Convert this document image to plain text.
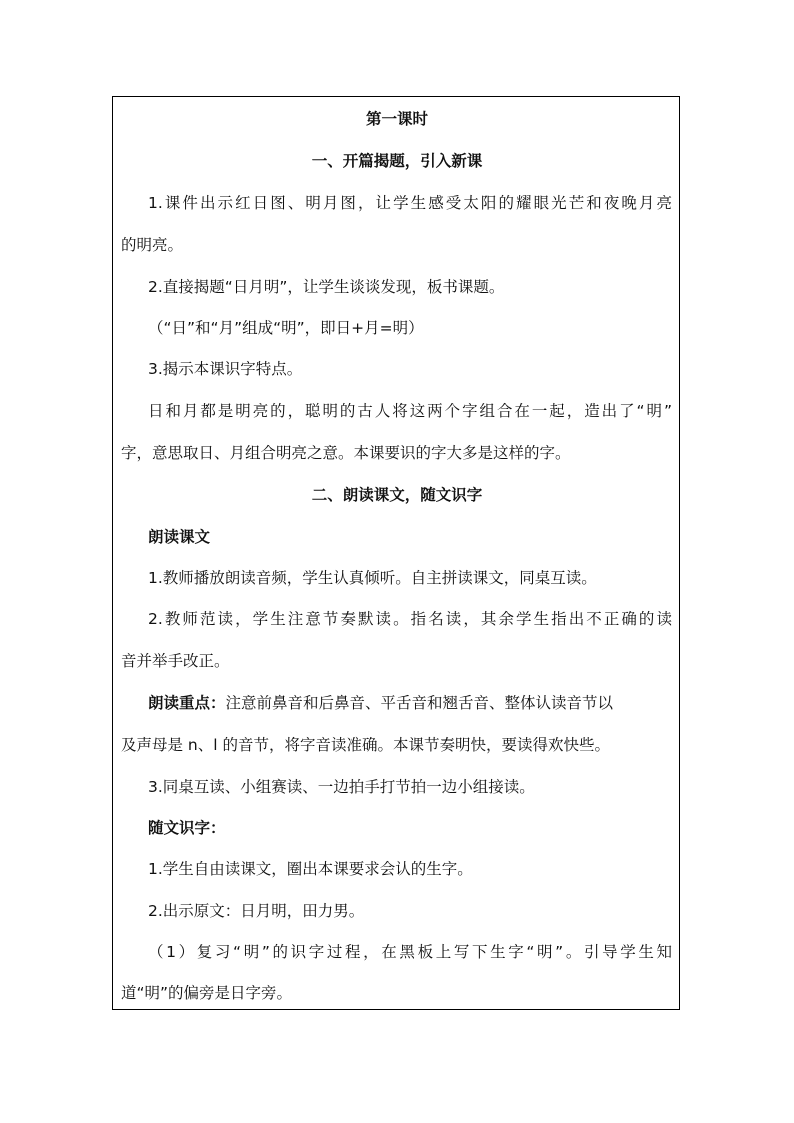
第一课时
一、开篇揭题，引入新课
1.课件出示红日图、明月图，让学生感受太阳的耀眼光芒和夜晚月亮
的明亮。
2.直接揭题“日月明”，让学生谈谈发现，板书课题。
（“日”和“月”组成“明”，即日+月=明）
3.揭示本课识字特点。
日和月都是明亮的，聪明的古人将这两个字组合在一起，造出了“明”
字，意思取日、月组合明亮之意。本课要识的字大多是这样的字。
二、朗读课文，随文识字
朗读课文
1.教师播放朗读音频，学生认真倾听。自主拼读课文，同桌互读。
2.教师范读，学生注意节奏默读。指名读，其余学生指出不正确的读
音并举手改正。
朗读重点：注意前鼻音和后鼻音、平舌音和翘舌音、整体认读音节以
及声母是 n、l 的音节，将字音读准确。本课节奏明快，要读得欢快些。
3.同桌互读、小组赛读、一边拍手打节拍一边小组接读。
随文识字：
1.学生自由读课文，圈出本课要求会认的生字。
2.出示原文：日月明，田力男。
（1）复习“明”的识字过程，在黑板上写下生字“明”。引导学生知
道“明”的偏旁是日字旁。
